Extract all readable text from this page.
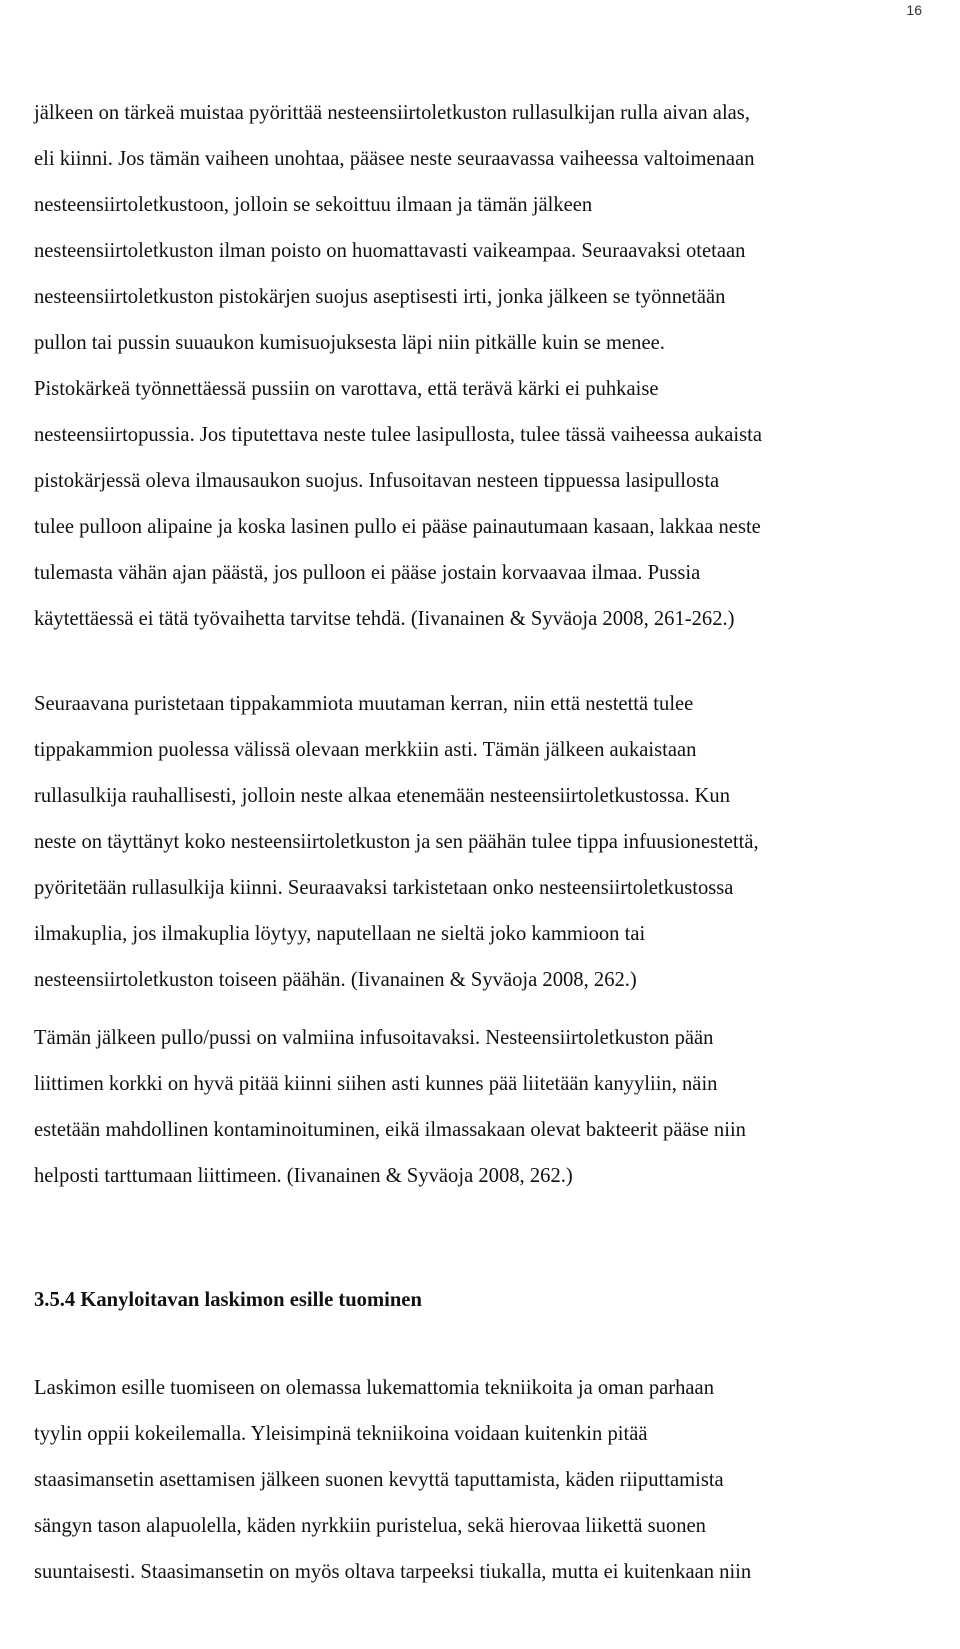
16
jälkeen on tärkeä muistaa pyörittää nesteensiirtoletkuston rullasulkijan rulla aivan alas,
eli kiinni. Jos tämän vaiheen unohtaa, pääsee neste seuraavassa vaiheessa valtoimenaan
nesteensiirtoletkustoon, jolloin se sekoittuu ilmaan ja tämän jälkeen
nesteensiirtoletkuston ilman poisto on huomattavasti vaikeampaa. Seuraavaksi otetaan
nesteensiirtoletkuston pistokärjen suojus aseptisesti irti, jonka jälkeen se työnnetään
pullon tai pussin suuaukon kumisuojuksesta läpi niin pitkälle kuin se menee.
Pistokärkeä työnnettäessä pussiin on varottava, että terävä kärki ei puhkaise
nesteensiirtopussia. Jos tiputettava neste tulee lasipullosta, tulee tässä vaiheessa aukaista
pistokärjessä oleva ilmausaukon suojus. Infusoitavan nesteen tippuessa lasipullosta
tulee pulloon alipaine ja koska lasinen pullo ei pääse painautumaan kasaan, lakkaa neste
tulemasta vähän ajan päästä, jos pulloon ei pääse jostain korvaavaa ilmaa. Pussia
käytettäessä ei tätä työvaihetta tarvitse tehdä. (Iivanainen & Syväoja 2008, 261-262.)
Seuraavana puristetaan tippakammiota muutaman kerran, niin että nestettä tulee
tippakammion puolessa välissä olevaan merkkiin asti. Tämän jälkeen aukaistaan
rullasulkija rauhallisesti, jolloin neste alkaa etenemään nesteensiirtoletkustossa. Kun
neste on täyttänyt koko nesteensiirtoletkuston ja sen päähän tulee tippa infuusionestettä,
pyöritetään rullasulkija kiinni. Seuraavaksi tarkistetaan onko nesteensiirtoletkustossa
ilmakuplia, jos ilmakuplia löytyy, naputellaan ne sieltä joko kammioon tai
nesteensiirtoletkuston toiseen päähän. (Iivanainen & Syväoja 2008, 262.)
Tämän jälkeen pullo/pussi on valmiina infusoitavaksi. Nesteensiirtoletkuston pään
liittimen korkki on hyvä pitää kiinni siihen asti kunnes pää liitetään kanyyliin, näin
estetään mahdollinen kontaminoituminen, eikä ilmassakaan olevat bakteerit pääse niin
helposti tarttumaan liittimeen. (Iivanainen & Syväoja 2008, 262.)
3.5.4 Kanyloitavan laskimon esille tuominen
Laskimon esille tuomiseen on olemassa lukemattomia tekniikoita ja oman parhaan
tyylin oppii kokeilemalla. Yleisimpinä tekniikoina voidaan kuitenkin pitää
staasimansetin asettamisen jälkeen suonen kevyttä taputtamista, käden riiputtamista
sängyn tason alapuolella, käden nyrkkiin puristelua, sekä hierovaa liikettä suonen
suuntaisesti. Staasimansetin on myös oltava tarpeeksi tiukalla, mutta ei kuitenkaan niin
